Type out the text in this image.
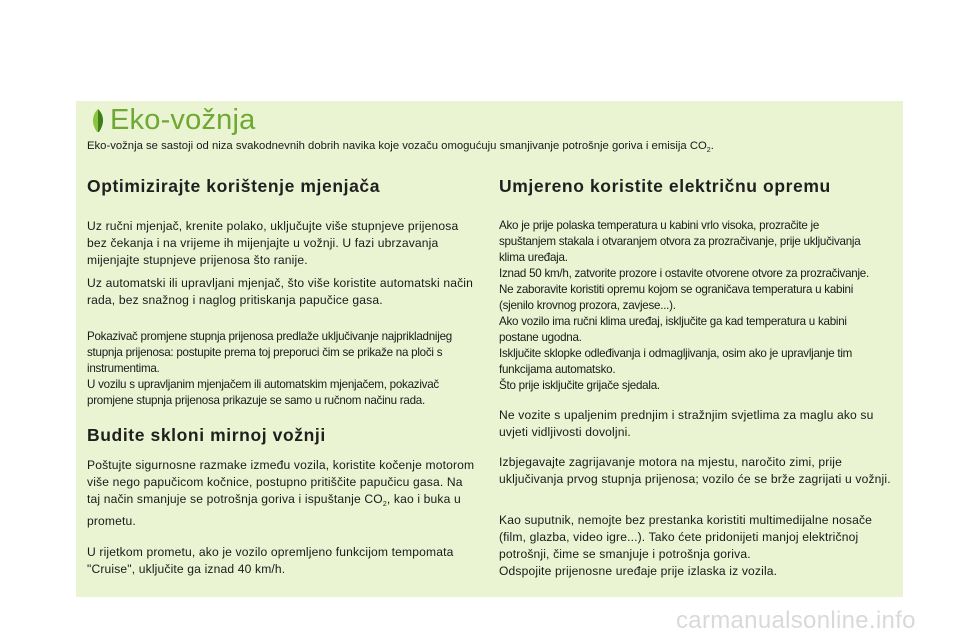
Eko-vožnja
Eko-vožnja se sastoji od niza svakodnevnih dobrih navika koje vozaču omogućuju smanjivanje potrošnje goriva i emisija $CO_2$.
Optimizirajte korištenje mjenjača
Uz ručni mjenjač, krenite polako, uključujte više stupnjeve prijenosa
bez čekanja i na vrijeme ih mijenjajte u vožnji. U fazi ubrzavanja
mijenjajte stupnjeve prijenosa što ranije.
Uz automatski ili upravljani mjenjač, što više koristite automatski način
rada, bez snažnog i naglog pritiskanja papučice gasa.
Pokazivač promjene stupnja prijenosa predlaže uključivanje najprikladnijeg
stupnja prijenosa: postupite prema toj preporuci čim se prikaže na ploči s
instrumentima.
U vozilu s upravljanim mjenjačem ili automatskim mjenjačem, pokazivač
promjene stupnja prijenosa prikazuje se samo u ručnom načinu rada.
Budite skloni mirnoj vožnji
Poštujte sigurnosne razmake između vozila, koristite kočenje motorom
više nego papučicom kočnice, postupno pritiščite papučicu gasa. Na
taj način smanjuje se potrošnja goriva i ispuštanje $CO_2$, kao i buka u
prometu.
U rijetkom prometu, ako je vozilo opremljeno funkcijom tempomata
"Cruise", uključite ga iznad 40 km/h.
Umjereno koristite električnu opremu
Ako je prije polaska temperatura u kabini vrlo visoka, prozračite je
spuštanjem stakala i otvaranjem otvora za prozračivanje, prije uključivanja
klima uređaja.
Iznad 50 km/h, zatvorite prozore i ostavite otvorene otvore za prozračivanje.
Ne zaboravite koristiti opremu kojom se ograničava temperatura u kabini
(sjenilo krovnog prozora, zavjese...).
Ako vozilo ima ručni klima uređaj, isključite ga kad temperatura u kabini
postane ugodna.
Isključite sklopke odleđivanja i odmagljivanja, osim ako je upravljanje tim
funkcijama automatsko.
Što prije isključite grijače sjedala.
Ne vozite s upaljenim prednjim i stražnjim svjetlima za maglu ako su
uvjeti vidljivosti dovoljni.
Izbjegavajte zagrijavanje motora na mjestu, naročito zimi, prije
uključivanja prvog stupnja prijenosa; vozilo će se brže zagrijati u vožnji.
Kao suputnik, nemojte bez prestanka koristiti multimedijalne nosače
(film, glazba, video igre...). Tako ćete pridonijeti manjoj električnoj
potrošnji, čime se smanjuje i potrošnja goriva.
Odspojite prijenosne uređaje prije izlaska iz vozila.
carmanualsonline.info
